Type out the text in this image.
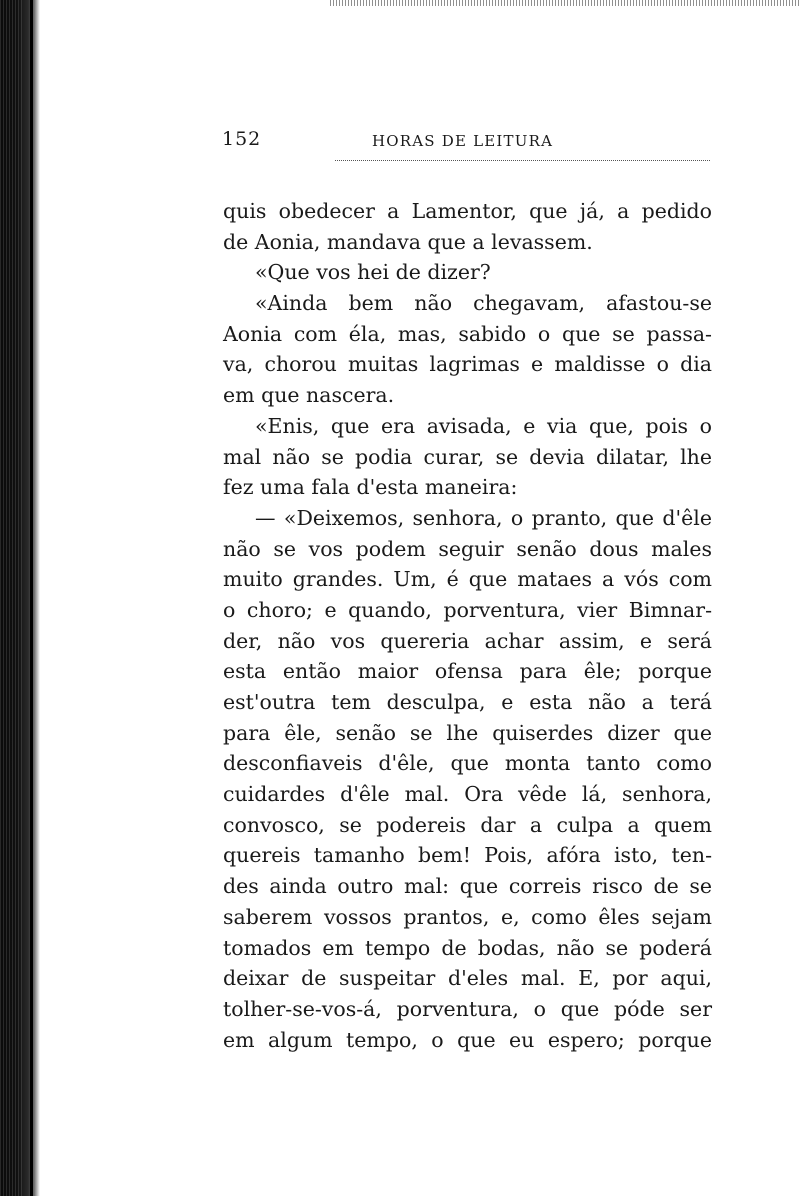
152	HORAS DE LEITURA
quis obedecer a Lamentor, que já, a pedido
de Aonia, mandava que a levassem.
«Que vos hei de dizer?
«Ainda bem não chegavam, afastou-se
Aonia com éla, mas, sabido o que se passa-
va, chorou muitas lagrimas e maldisse o dia
em que nascera.
«Enis, que era avisada, e via que, pois o
mal não se podia curar, se devia dilatar, lhe
fez uma fala d'esta maneira:
— «Deixemos, senhora, o pranto, que d'êle
não se vos podem seguir senão dous males
muito grandes. Um, é que mataes a vós com
o choro; e quando, porventura, vier Bimnar-
der, não vos quereria achar assim, e será
esta então maior ofensa para êle; porque
est'outra tem desculpa, e esta não a terá
para êle, senão se lhe quiserdes dizer que
desconfiaveis d'êle, que monta tanto como
cuidardes d'êle mal. Ora vêde lá, senhora,
convosco, se podereis dar a culpa a quem
quereis tamanho bem! Pois, afóra isto, ten-
des ainda outro mal: que correis risco de se
saberem vossos prantos, e, como êles sejam
tomados em tempo de bodas, não se poderá
deixar de suspeitar d'eles mal. E, por aqui,
tolher-se-vos-á, porventura, o que póde ser
em algum tempo, o que eu espero; porque
